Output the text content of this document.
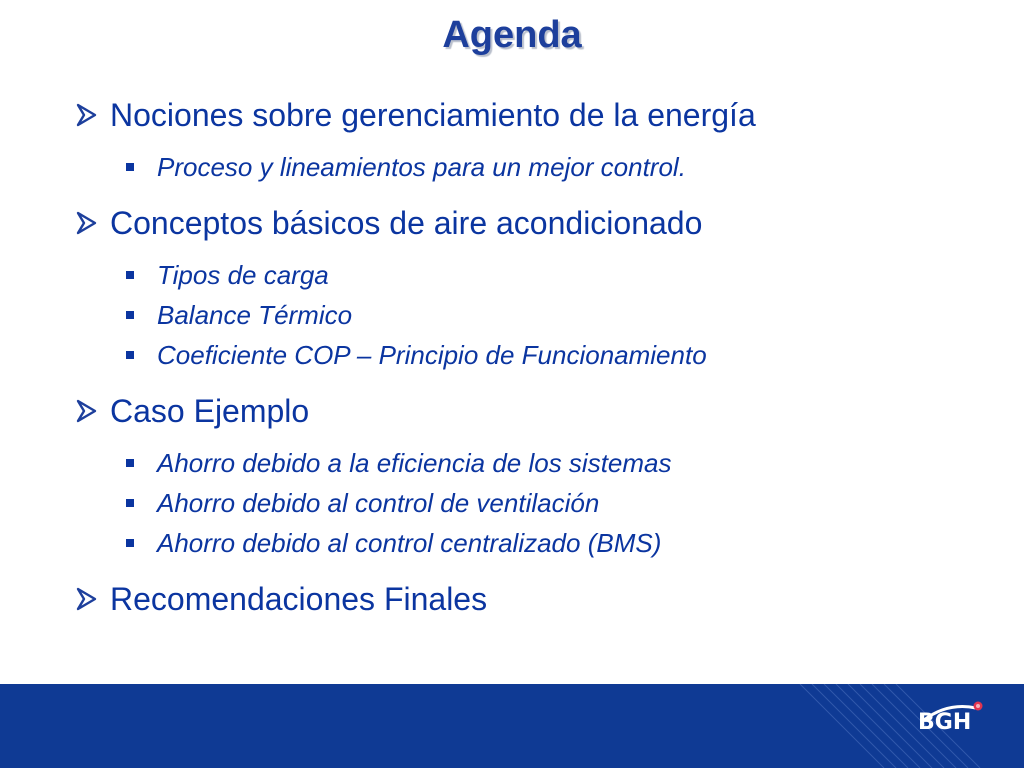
Agenda
Nociones sobre gerenciamiento de la energía
Proceso y lineamientos para un mejor control.
Conceptos básicos de aire acondicionado
Tipos de carga
Balance Térmico
Coeficiente COP – Principio de Funcionamiento
Caso Ejemplo
Ahorro debido a la eficiencia de los sistemas
Ahorro debido al control de ventilación
Ahorro debido al control centralizado (BMS)
Recomendaciones Finales
BGH
